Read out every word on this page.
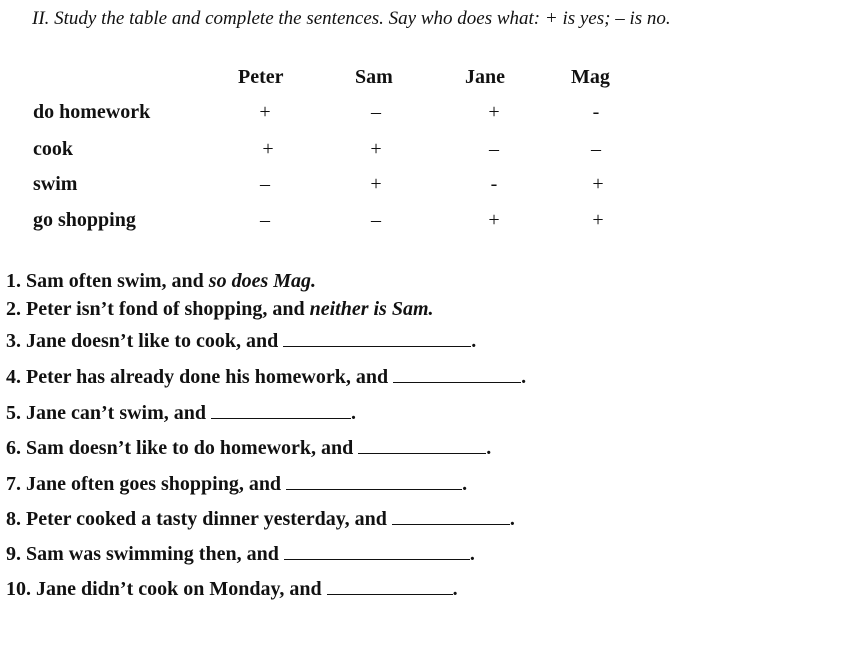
II. Study the table and complete the sentences. Say who does what: + is yes; – is no.
Peter	Sam	Jane	Mag
do homework	+	–	+	-
cook	+	+	–	–
swim	–	+	-	+
go shopping	–	–	+	+
1. Sam often swim, and so does Mag.
2. Peter isn’t fond of shopping, and neither is Sam.
3. Jane doesn’t like to cook, and	.
4. Peter has already done his homework, and	.
5. Jane can’t swim, and	.
6. Sam doesn’t like to do homework, and	.
7. Jane often goes shopping, and	.
8. Peter cooked a tasty dinner yesterday, and	.
9. Sam was swimming then, and	.
10. Jane didn’t cook on Monday, and	.
